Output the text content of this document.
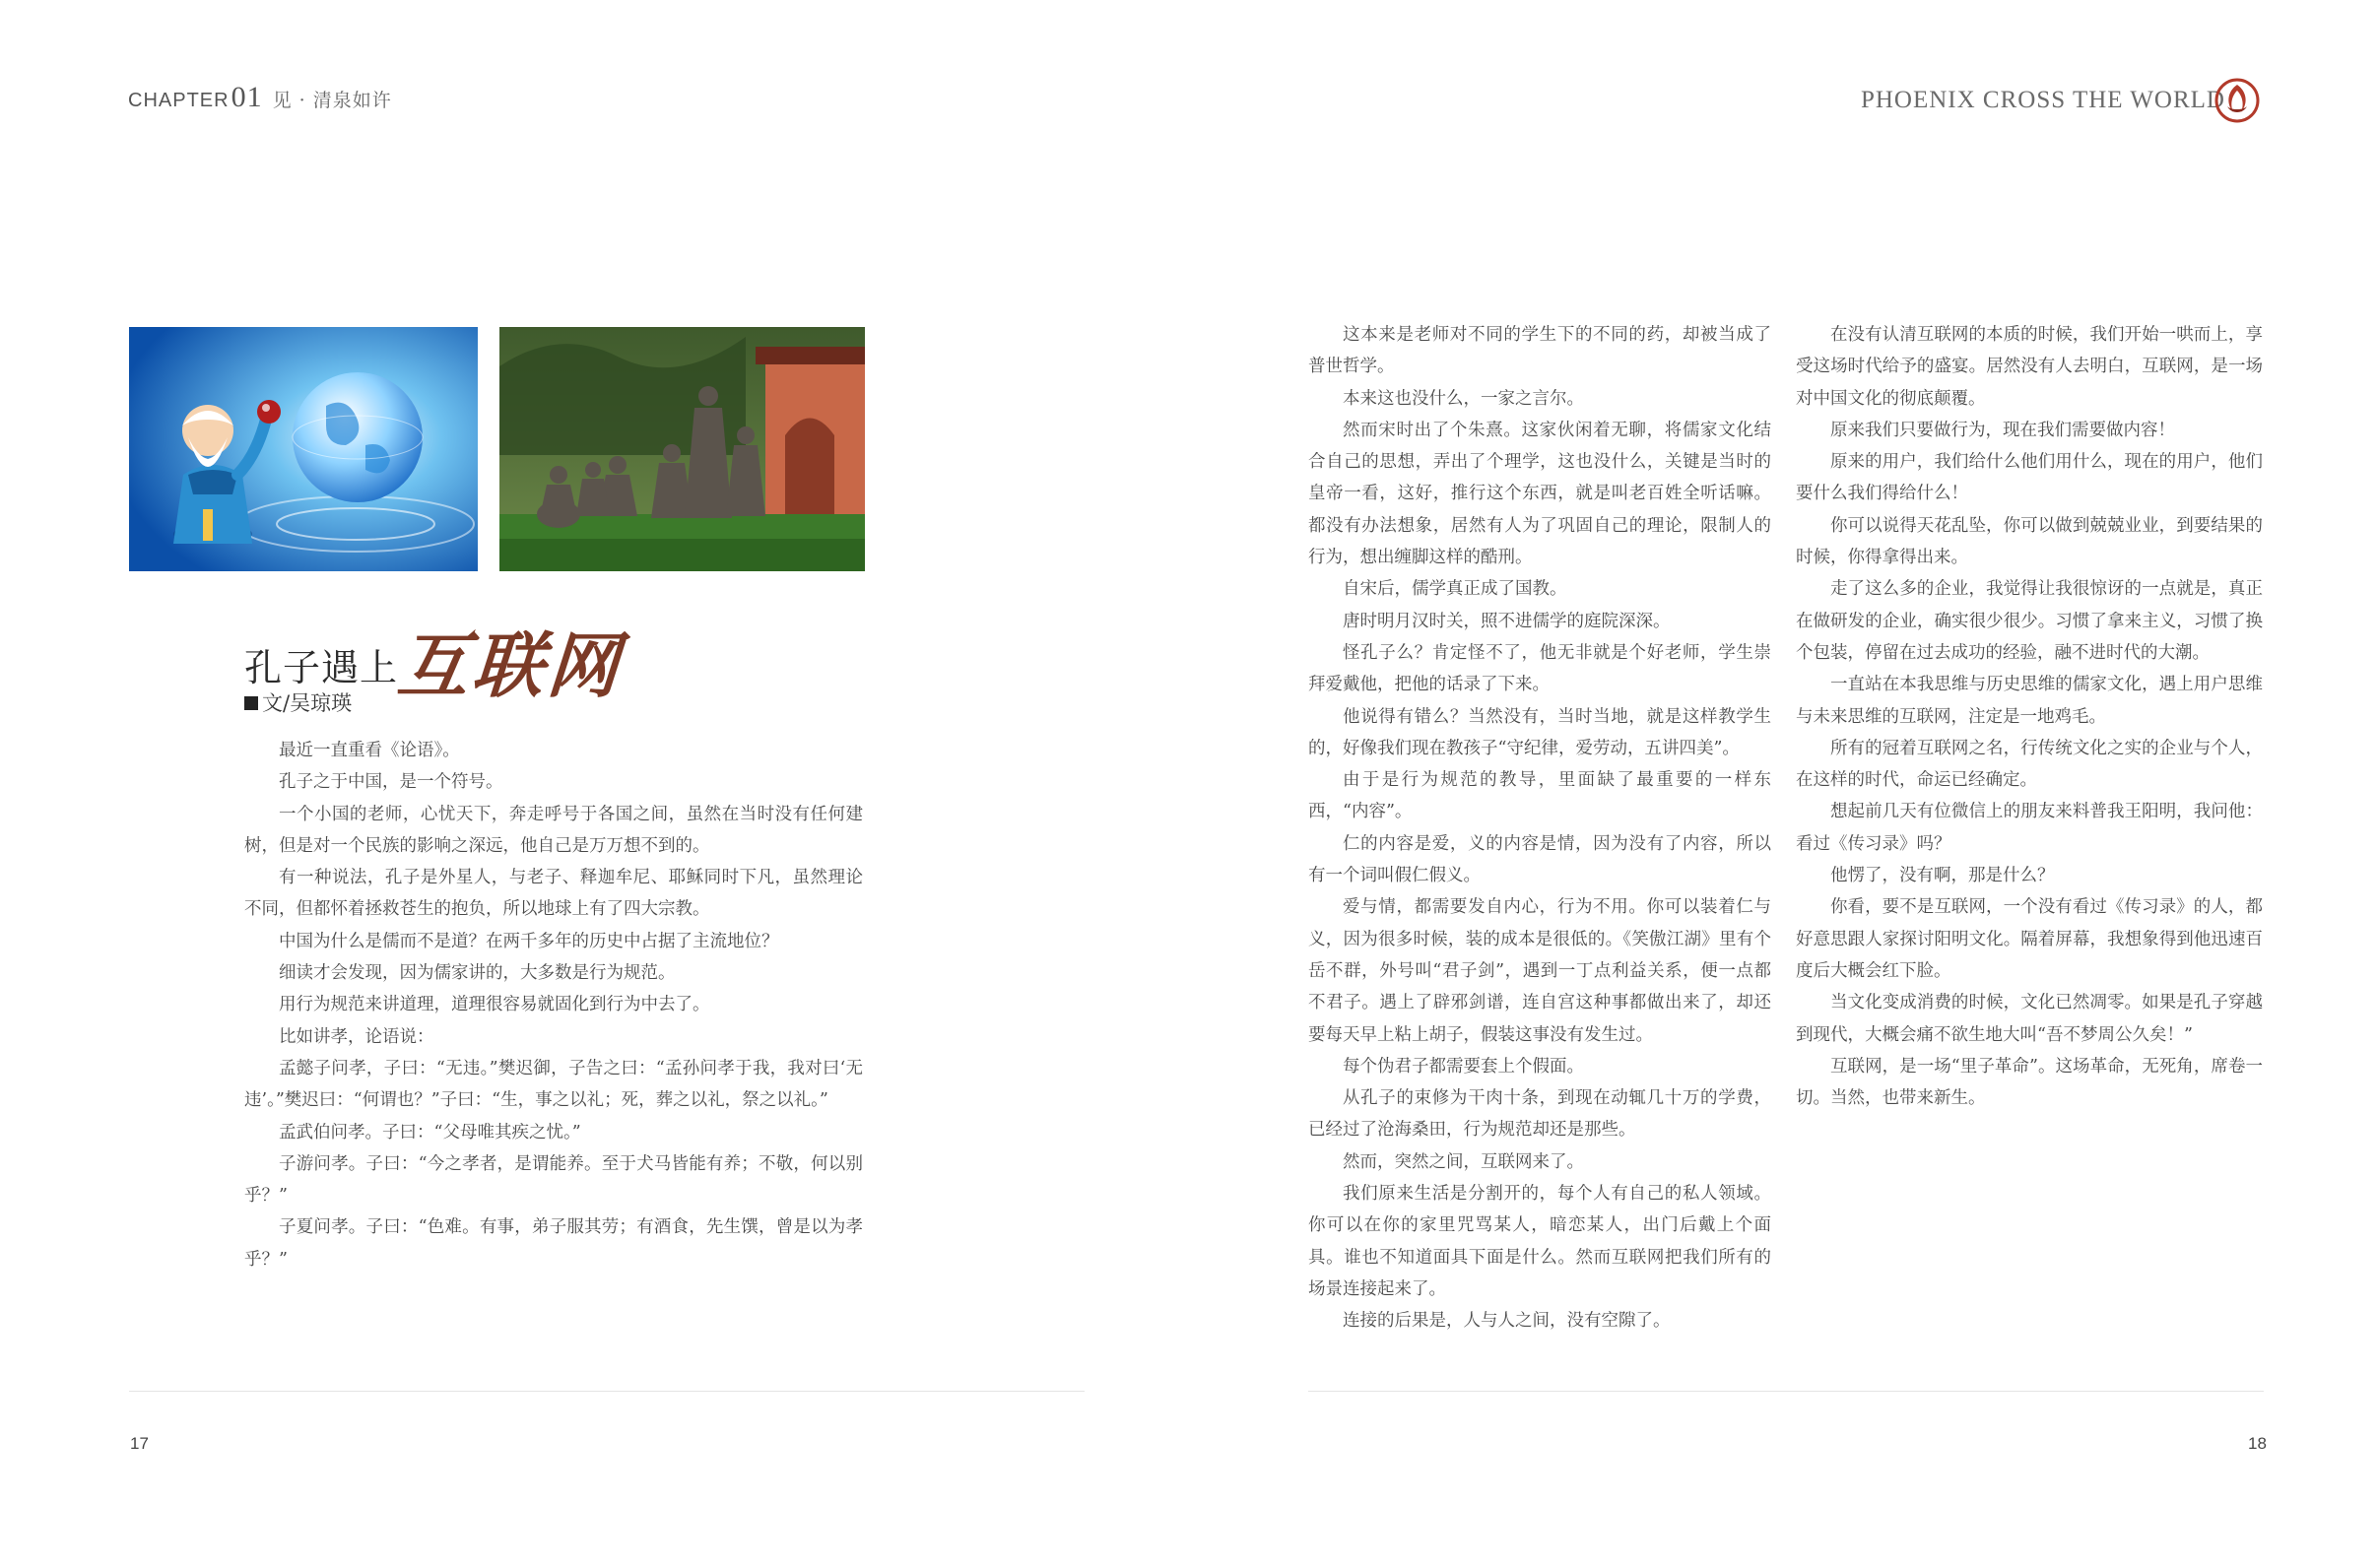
CHAPTER01 见 · 清泉如许	PHOENIX CROSS THE WORLD
孔子遇上互联网
文/吴琼瑛

最近一直重看《论语》。

孔子之于中国，是一个符号。

一个小国的老师，心忧天下，奔走呼号于各国之间，虽然在当时没有任何建树，但是对一个民族的影响之深远，他自己是万万想不到的。

有一种说法，孔子是外星人，与老子、释迦牟尼、耶稣同时下凡，虽然理论不同，但都怀着拯救苍生的抱负，所以地球上有了四大宗教。

中国为什么是儒而不是道？在两千多年的历史中占据了主流地位？

细读才会发现，因为儒家讲的，大多数是行为规范。

用行为规范来讲道理，道理很容易就固化到行为中去了。

比如讲孝，论语说：

孟懿子问孝，子曰：“无违。”樊迟御，子告之曰：“孟孙问孝于我，我对曰‘无违’。”樊迟曰：“何谓也？”子曰：“生，事之以礼；死，葬之以礼，祭之以礼。”

孟武伯问孝。子曰：“父母唯其疾之忧。”

子游问孝。子曰：“今之孝者，是谓能养。至于犬马皆能有养；不敬，何以别乎？”

子夏问孝。子曰：“色难。有事，弟子服其劳；有酒食，先生馔，曾是以为孝乎？”

这本来是老师对不同的学生下的不同的药，却被当成了普世哲学。

本来这也没什么，一家之言尔。

然而宋时出了个朱熹。这家伙闲着无聊，将儒家文化结合自己的思想，弄出了个理学，这也没什么，关键是当时的皇帝一看，这好，推行这个东西，就是叫老百姓全听话嘛。都没有办法想象，居然有人为了巩固自己的理论，限制人的行为，想出缠脚这样的酷刑。

自宋后，儒学真正成了国教。

唐时明月汉时关，照不进儒学的庭院深深。

怪孔子么？肯定怪不了，他无非就是个好老师，学生崇拜爱戴他，把他的话录了下来。

他说得有错么？当然没有，当时当地，就是这样教学生的，好像我们现在教孩子“守纪律，爱劳动，五讲四美”。

由于是行为规范的教导，里面缺了最重要的一样东西，“内容”。

仁的内容是爱，义的内容是情，因为没有了内容，所以有一个词叫假仁假义。

爱与情，都需要发自内心，行为不用。你可以装着仁与义，因为很多时候，装的成本是很低的。《笑傲江湖》里有个岳不群，外号叫“君子剑”，遇到一丁点利益关系，便一点都不君子。遇上了辟邪剑谱，连自宫这种事都做出来了，却还要每天早上粘上胡子，假装这事没有发生过。

每个伪君子都需要套上个假面。

从孔子的束修为干肉十条，到现在动辄几十万的学费，已经过了沧海桑田，行为规范却还是那些。

然而，突然之间，互联网来了。

我们原来生活是分割开的，每个人有自己的私人领域。你可以在你的家里咒骂某人，暗恋某人，出门后戴上个面具。谁也不知道面具下面是什么。然而互联网把我们所有的场景连接起来了。

连接的后果是，人与人之间，没有空隙了。

在没有认清互联网的本质的时候，我们开始一哄而上，享受这场时代给予的盛宴。居然没有人去明白，互联网，是一场对中国文化的彻底颠覆。

原来我们只要做行为，现在我们需要做内容！

原来的用户，我们给什么他们用什么，现在的用户，他们要什么我们得给什么！

你可以说得天花乱坠，你可以做到兢兢业业，到要结果的时候，你得拿得出来。

走了这么多的企业，我觉得让我很惊讶的一点就是，真正在做研发的企业，确实很少很少。习惯了拿来主义，习惯了换个包装，停留在过去成功的经验，融不进时代的大潮。

一直站在本我思维与历史思维的儒家文化，遇上用户思维与未来思维的互联网，注定是一地鸡毛。

所有的冠着互联网之名，行传统文化之实的企业与个人，在这样的时代，命运已经确定。

想起前几天有位微信上的朋友来料普我王阳明，我问他：看过《传习录》吗？

他愣了，没有啊，那是什么？

你看，要不是互联网，一个没有看过《传习录》的人，都好意思跟人家探讨阳明文化。隔着屏幕，我想象得到他迅速百度后大概会红下脸。

当文化变成消费的时候，文化已然凋零。如果是孔子穿越到现代，大概会痛不欲生地大叫“吾不梦周公久矣！”

互联网，是一场“里子革命”。这场革命，无死角，席卷一切。当然，也带来新生。

17	18
